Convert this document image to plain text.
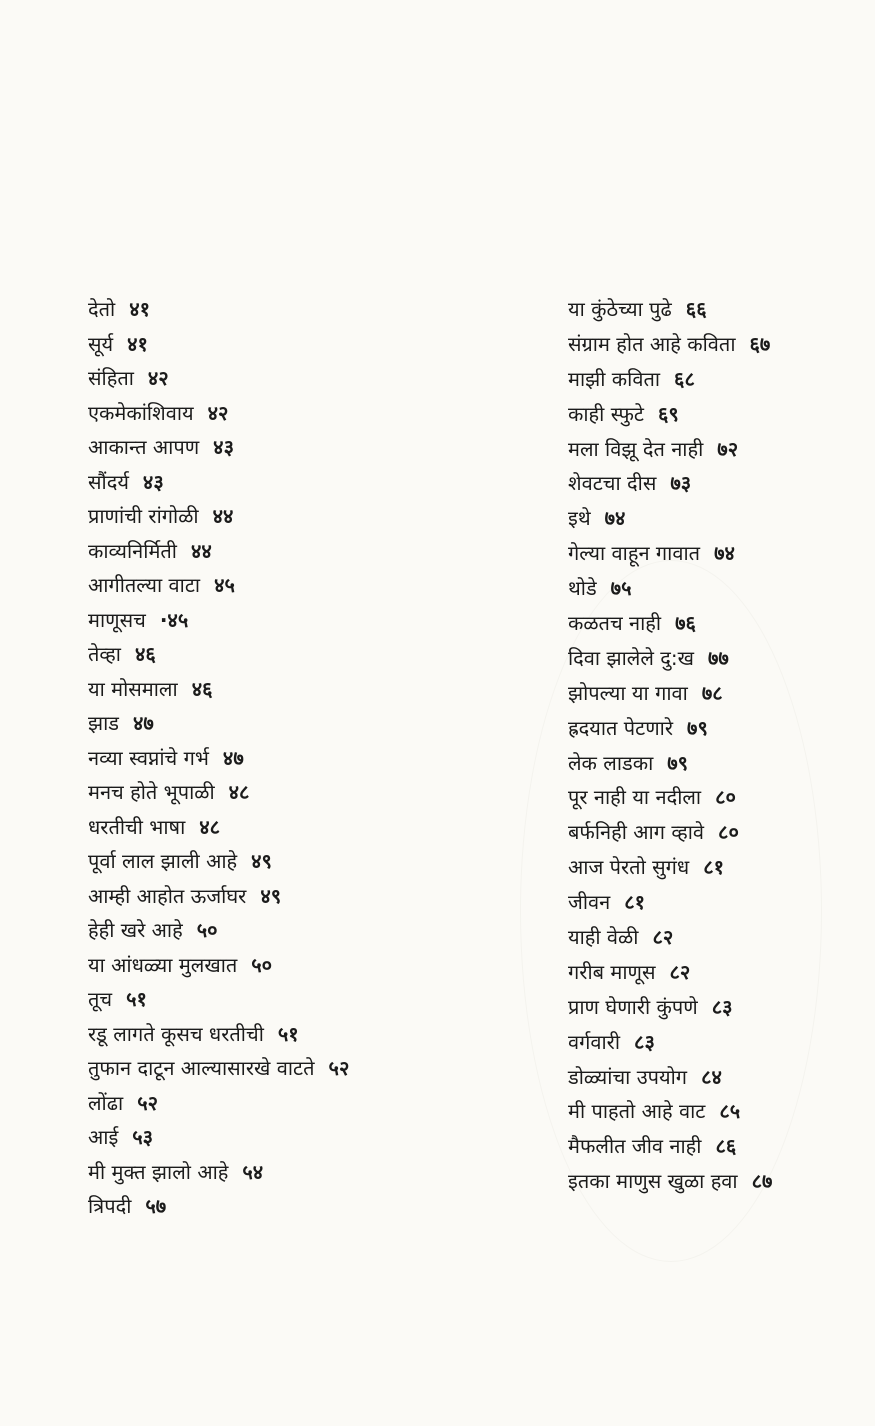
देतो ४१
सूर्य ४१
संहिता ४२
एकमेकांशिवाय ४२
आकान्त आपण ४३
सौंदर्य ४३
प्राणांची रांगोळी ४४
काव्यनिर्मिती ४४
आगीतल्या वाटा ४५
माणूसच ·४५
तेव्हा ४६
या मोसमाला ४६
झाड ४७
नव्या स्वप्नांचे गर्भ ४७
मनच होते भूपाळी ४८
धरतीची भाषा ४८
पूर्वा लाल झाली आहे ४९
आम्ही आहोत ऊर्जाघर ४९
हेही खरे आहे ५०
या आंधळ्या मुलखात ५०
तूच ५१
रडू लागते कूसच धरतीची ५१
तुफान दाटून आल्यासारखे वाटते ५२
लोंढा ५२
आई ५३
मी मुक्त झालो आहे ५४
त्रिपदी ५७
या कुंठेच्या पुढे ६६
संग्राम होत आहे कविता ६७
माझी कविता ६८
काही स्फुटे ६९
मला विझू देत नाही ७२
शेवटचा दीस ७३
इथे ७४
गेल्या वाहून गावात ७४
थोडे ७५
कळतच नाही ७६
दिवा झालेले दु:ख ७७
झोपल्या या गावा ७८
ह्रदयात पेटणारे ७९
लेक लाडका ७९
पूर नाही या नदीला ८०
बर्फनिही आग व्हावे ८०
आज पेरतो सुगंध ८१
जीवन ८१
याही वेळी ८२
गरीब माणूस ८२
प्राण घेणारी कुंपणे ८३
वर्गवारी ८३
डोळ्यांचा उपयोग ८४
मी पाहतो आहे वाट ८५
मैफलीत जीव नाही ८६
इतका माणुस खुळा हवा ८७
